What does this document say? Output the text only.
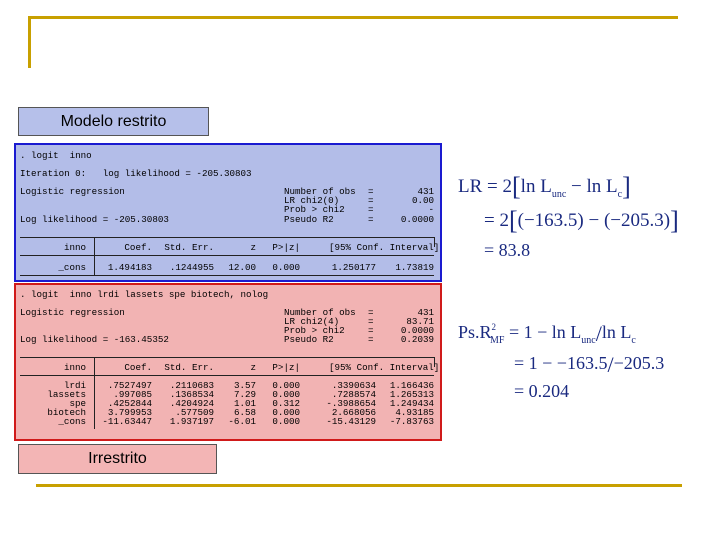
Modelo restrito
. logit  inno
Iteration 0:   log likelihood = -205.30803
Logistic regression
Log likelihood = -205.30803
Number of obs =	431
LR chi2(0)	=	0.00
Prob > chi2	=	-
Pseudo R2	=	0.0000
inno	Coef.	Std. Err.	z	P>|z|	[95% Conf. Interval]
_cons	1.494183	.1244955	12.00	0.000	1.250177	1.73819
. logit  inno lrdi lassets spe biotech, nolog
Logistic regression
Log likelihood = -163.45352
Number of obs =	431
LR chi2(4)	=	83.71
Prob > chi2	=	0.0000
Pseudo R2	=	0.2039
inno	Coef.	Std. Err.	z	P>|z|	[95% Conf. Interval]
lrdi	.7527497	.2110683	3.57	0.000	.3390634	1.166436
lassets	.997085	.1368534	7.29	0.000	.7288574	1.265313
spe	.4252844	.4204924	1.01	0.312	-.3988654	1.249434
biotech	3.799953	.577509	6.58	0.000	2.668056	4.93185
_cons	-11.63447	1.937197	-6.01	0.000	-15.43129	-7.83763
Irrestrito
LR = 2[ln $L_{unc} - \ln L_c$]
= 2[(−163.5) − (−205.3)]
= 83.8
$Ps.R^2_{MF} = 1 - \ln L_{unc}/\ln$ $L_c$
= 1 − −163.5/−205.3
= 0.204
